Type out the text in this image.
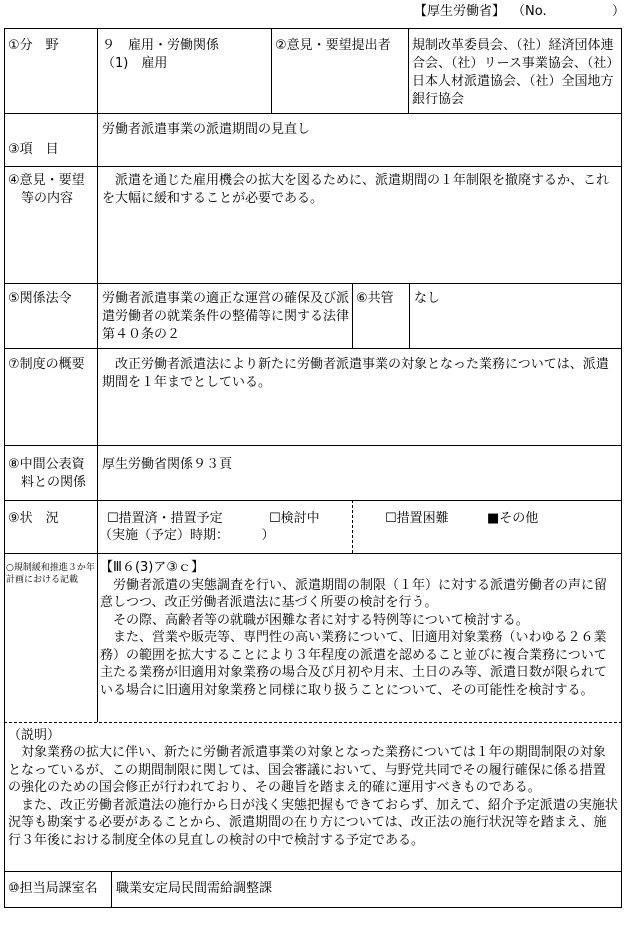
【厚生労働省】 （No.	）
①分　野	９　雇用・労働関係
（1)　雇用
②意見・要望提出者 規制改革委員会、（社）経済団体連合会、（社）リース事業協会、（社）日本人材派遣協会、（社）全国地方銀行協会
③項　目
労働者派遣事業の派遣期間の見直し
④意見・要望
　等の内容
　派遣を通じた雇用機会の拡大を図るために、派遣期間の１年制限を撤廃するか、これを大幅に緩和することが必要である。
⑤関係法令 労働者派遣事業の適正な運営の確保及び派遣労働者の就業条件の整備等に関する法律第４０条の２
⑥共管 なし
⑦制度の概要 　改正労働者派遣法により新たに労働者派遣事業の対象となった業務については、派遣期間を１年までとしている。
⑧中間公表資
　料との関係
厚生労働省関係９３頁
⑨状　況	☐措置済・措置予定
（実施（予定）時期：　　　）
☐検討中	☐措置困難	■その他
○規制緩和推進３か年計画における記載
【Ⅲ６(3)ア③ｃ】
　労働者派遣の実態調査を行い、派遣期間の制限（１年）に対する派遣労働者の声に留意しつつ、改正労働者派遣法に基づく所要の検討を行う。
　その際、高齢者等の就職が困難な者に対する特例等について検討する。
　また、営業や販売等、専門性の高い業務について、旧適用対象業務（いわゆる２６業務）の範囲を拡大することにより３年程度の派遣を認めること並びに複合業務について主たる業務が旧適用対象業務の場合及び月初や月末、土日のみ等、派遣日数が限られている場合に旧適用対象業務と同様に取り扱うことについて、その可能性を検討する。
（説明）
　対象業務の拡大に伴い、新たに労働者派遣事業の対象となった業務については１年の期間制限の対象となっているが、この期間制限に関しては、国会審議において、与野党共同でその履行確保に係る措置の強化のための国会修正が行われており、その趣旨を踏まえ的確に運用すべきものである。
　また、改正労働者派遣法の施行から日が浅く実態把握もできておらず、加えて、紹介予定派遣の実施状況等も勘案する必要があることから、派遣期間の在り方については、改正法の施行状況等を踏まえ、施行３年後における制度全体の見直しの検討の中で検討する予定である。
⑩担当局課室名 職業安定局民間需給調整課
